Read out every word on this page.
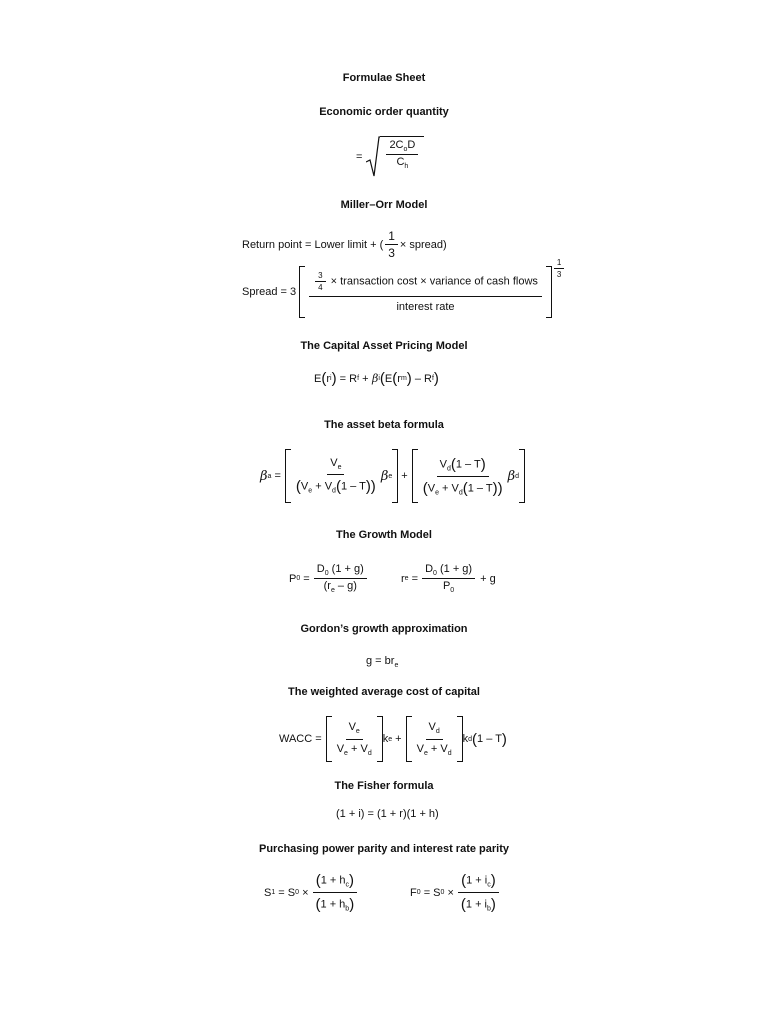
Formulae Sheet
Economic order quantity
= $\frac{2C_oD}{C_h}$
Miller–Orr Model
Return point = Lower limit + ( $\frac{1}{3}$ × spread)
Spread = $3 \frac{\frac{3}{4} \times transaction \cos t \times variance of cash flows}{\text{interest rate}}$
$\frac{1}{3}$
The Capital Asset Pricing Model
E ( r i ) = R f + β i ( E ( r m ) – R f )
The asset beta formula
β $a = \frac{V_e}{(V_e + V_d(1 - T))}$ β $e + \frac{V_d(1 - T)}{(V_e + V_d(1 - T))}$ β d
The Growth Model
P $0 = \frac{D_0 (1 + g)}{(r_e - g)}$	r $e = \frac{D_0 (1 + g)}{P_0} + g$
Gordon’s growth approximation
$g = br_e$
The weighted average cost of capital
WACC = $\frac{V_e}{V_e + V_d}$ k $e + \frac{V_d}{V_e + V_d}$ k d ( 1 – T )
The Fisher formula
(1 + i) = (1 + r)(1 + h)
Purchasing power parity and interest rate parity
S 1 = S $0 \times \frac{(1 + h_c)}{(1 + h_b)}$	F 0 = S $0 \times \frac{(1 + i_c)}{(1 + i_b)}$
